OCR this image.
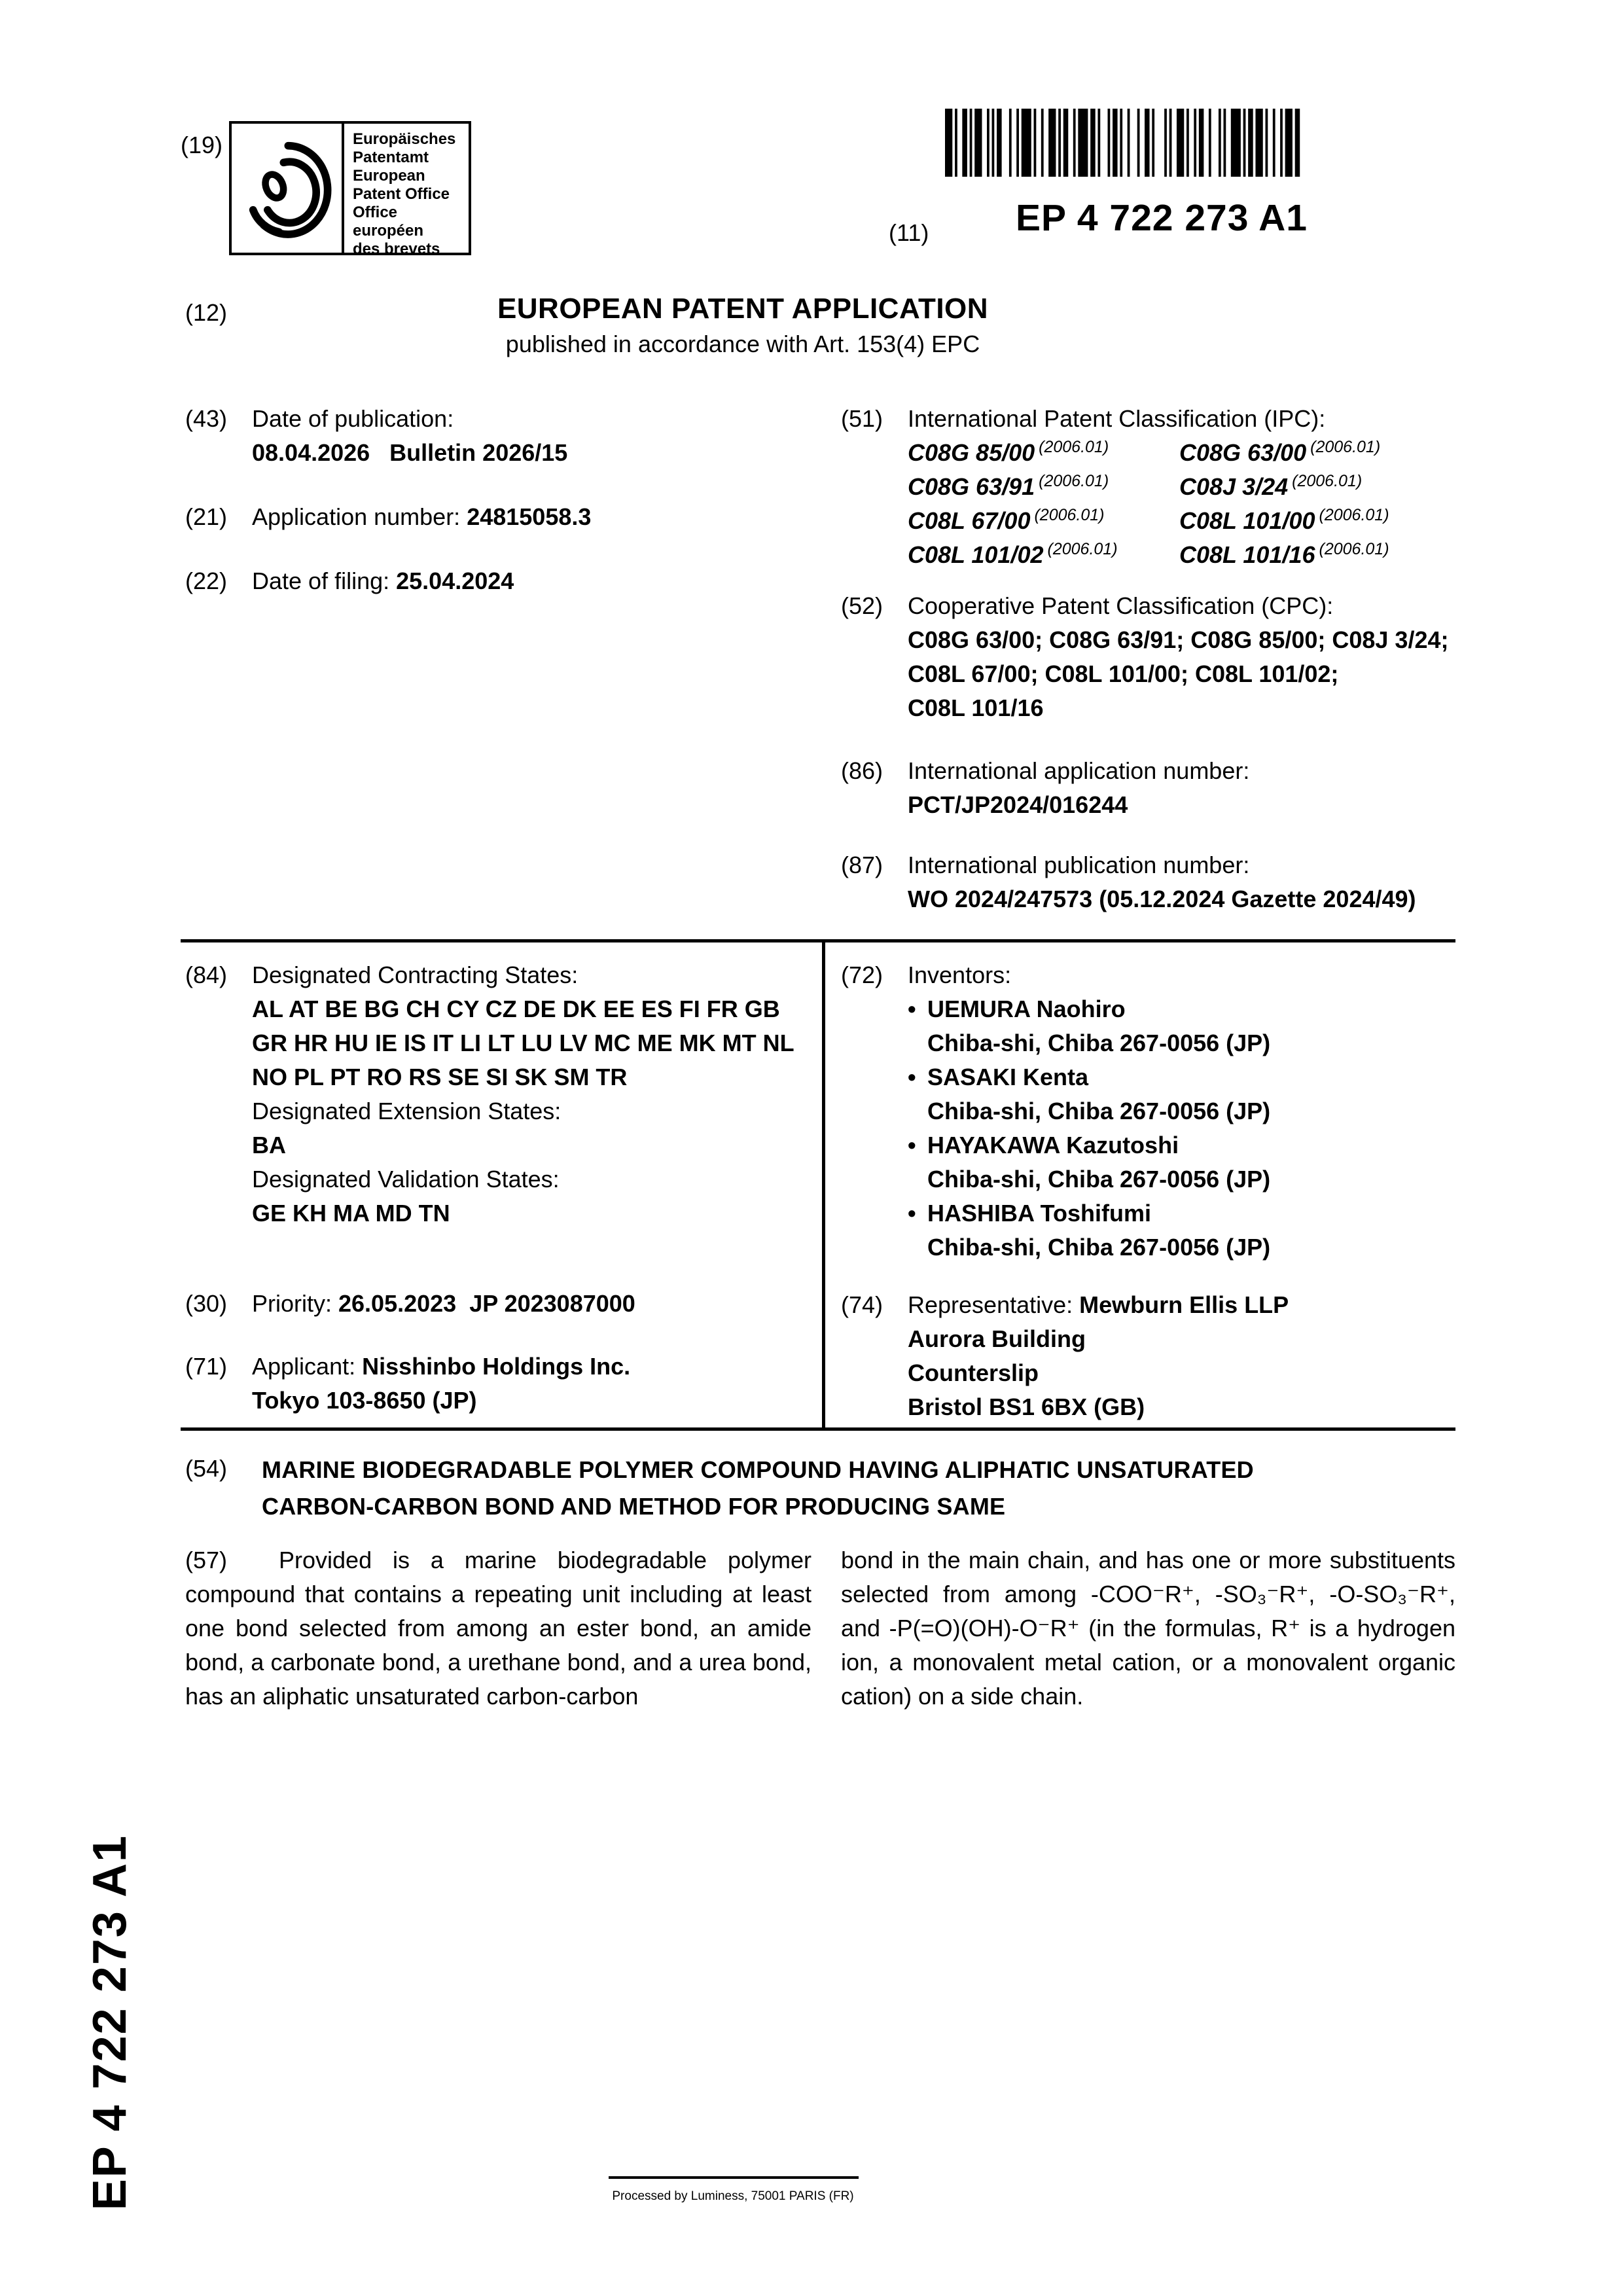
(19)	Europäisches
Patentamt
European
Patent Office
Office européen
des brevets
(11) EP 4 722 273 A1
(12)	EUROPEAN PATENT APPLICATION
published in accordance with Art. 153(4) EPC
(43)	Date of publication:
08.04.2026   Bulletin 2026/15
(21)	Application number: 24815058.3
(22)	Date of filing: 25.04.2024
(51)	International Patent Classification (IPC):
C08G 85/00 $^{(2006.01)}$	C08G 63/00 $^{(2006.01)}$
C08G 63/91 $^{(2006.01)}$	C08J 3/24 $^{(2006.01)}$
C08L 67/00 $^{(2006.01)}$	C08L 101/00 $^{(2006.01)}$
C08L 101/02 $^{(2006.01)}$	C08L 101/16 $^{(2006.01)}$
(52)	Cooperative Patent Classification (CPC):
C08G 63/00; C08G 63/91; C08G 85/00; C08J 3/24;
C08L 67/00; C08L 101/00; C08L 101/02;
C08L 101/16
(86)	International application number:
PCT/JP2024/016244
(87)	International publication number:
WO 2024/247573 (05.12.2024 Gazette 2024/49)
(84)	Designated Contracting States:
AL AT BE BG CH CY CZ DE DK EE ES FI FR GB
GR HR HU IE IS IT LI LT LU LV MC ME MK MT NL
NO PL PT RO RS SE SI SK SM TR
Designated Extension States:
BA
Designated Validation States:
GE KH MA MD TN
(30)	Priority: 26.05.2023  JP 2023087000
(71)	Applicant: Nisshinbo Holdings Inc.
Tokyo 103-8650 (JP)
(72)	Inventors:
• UEMURA Naohiro
Chiba-shi, Chiba 267-0056 (JP)
• SASAKI Kenta
Chiba-shi, Chiba 267-0056 (JP)
• HAYAKAWA Kazutoshi
Chiba-shi, Chiba 267-0056 (JP)
• HASHIBA Toshifumi
Chiba-shi, Chiba 267-0056 (JP)
(74)	Representative: Mewburn Ellis LLP
Aurora Building
Counterslip
Bristol BS1 6BX (GB)
(54)	MARINE BIODEGRADABLE POLYMER COMPOUND HAVING ALIPHATIC UNSATURATED CARBON-CARBON BOND AND METHOD FOR PRODUCING SAME
(57) Provided is a marine biodegradable polymer compound that contains a repeating unit including at least one bond selected from among an ester bond, an amide bond, a carbonate bond, a urethane bond, and a urea bond, has an aliphatic unsaturated carbon-carbon
bond in the main chain, and has one or more substituents selected from among -COO⁻R⁺, -SO₃⁻R⁺, -O-SO₃⁻R⁺, and -P(=O)(OH)-O⁻R⁺ (in the formulas, R⁺ is a hydrogen ion, a monovalent metal cation, or a monovalent organic cation) on a side chain.
EP 4 722 273 A1	Processed by Luminess, 75001 PARIS (FR)
